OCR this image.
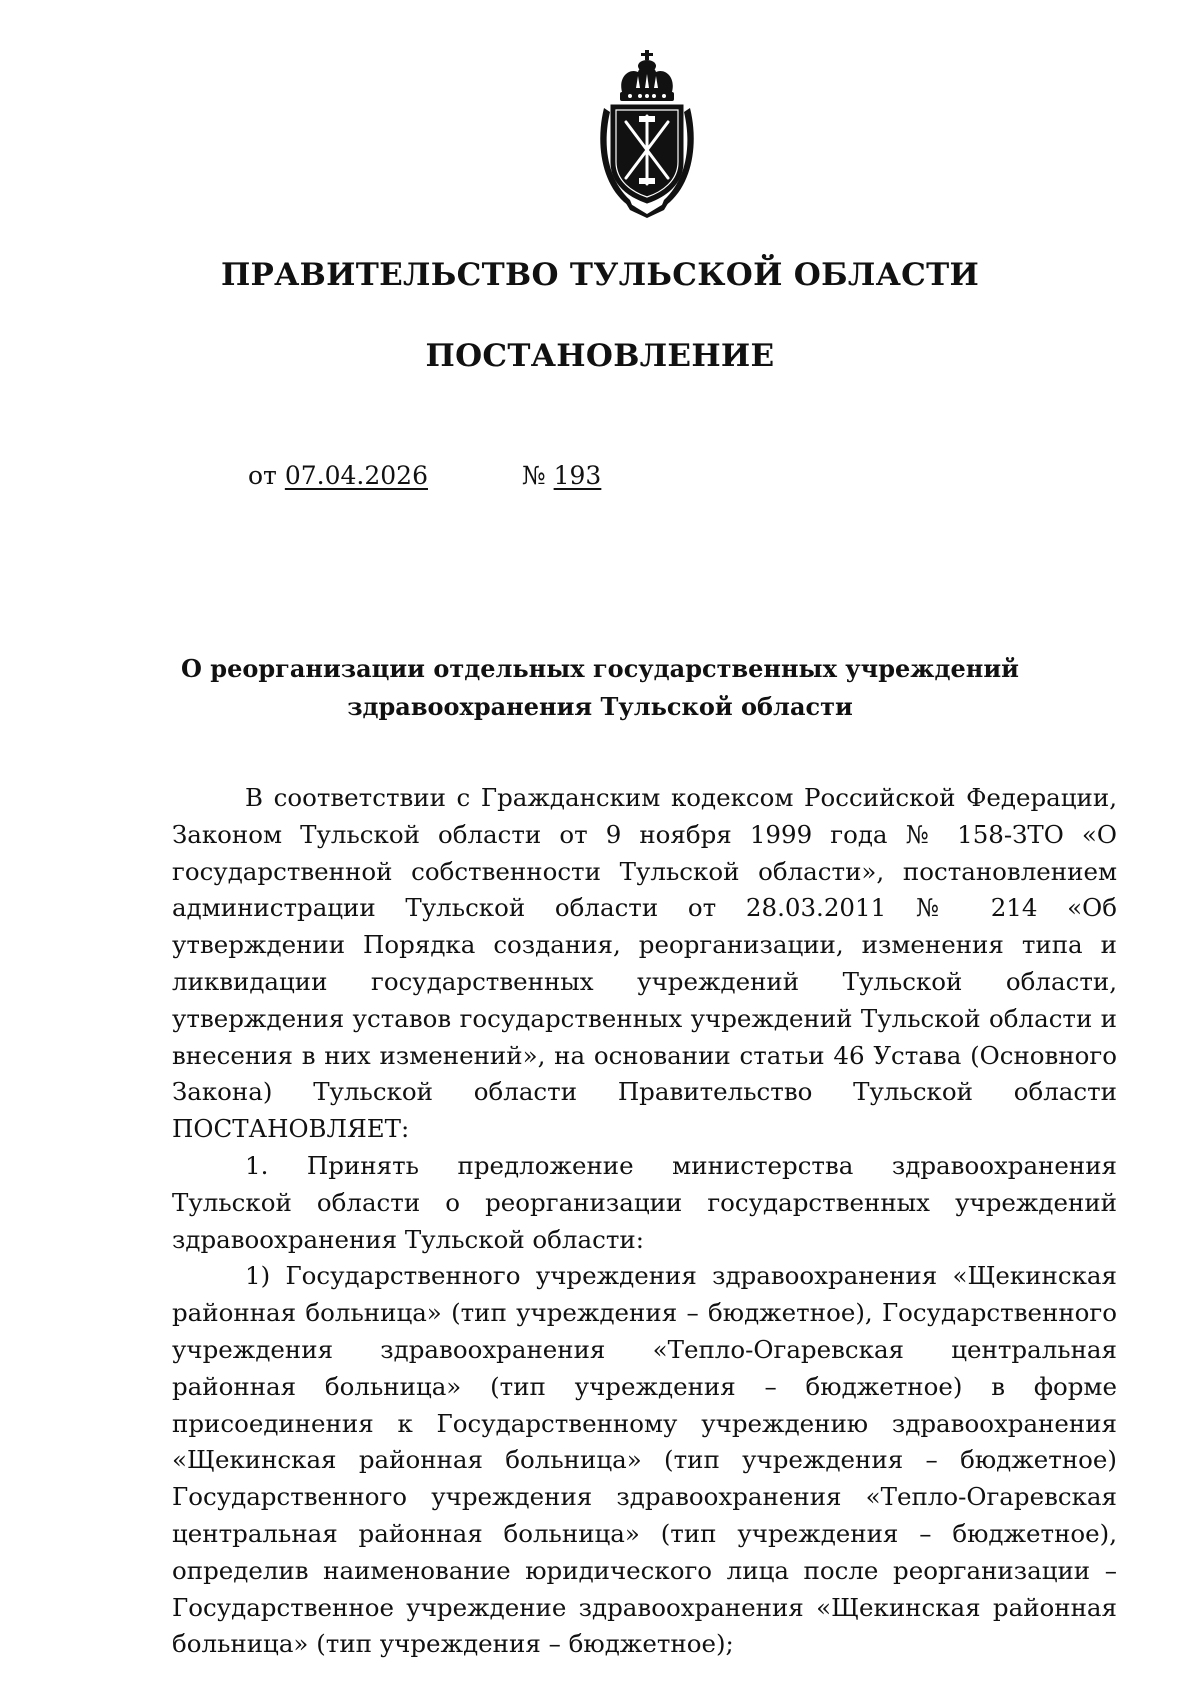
ПРАВИТЕЛЬСТВО ТУЛЬСКОЙ ОБЛАСТИ
ПОСТАНОВЛЕНИЕ
от 07.04.2026	№ 193
О реорганизации отдельных государственных учреждений
здравоохранения Тульской области

В соответствии с Гражданским кодексом Российской Федерации, Законом Тульской области от 9 ноября 1999 года № 158-ЗТО «О государственной собственности Тульской области», постановлением администрации Тульской области от 28.03.2011 № 214 «Об утверждении Порядка создания, реорганизации, изменения типа и ликвидации государственных учреждений Тульской области, утверждения уставов государственных учреждений Тульской области и внесения в них изменений», на основании статьи 46 Устава (Основного Закона) Тульской области Правительство Тульской области ПОСТАНОВЛЯЕТ:

1. Принять предложение министерства здравоохранения Тульской области о реорганизации государственных учреждений здравоохранения Тульской области:

1) Государственного учреждения здравоохранения «Щекинская районная больница» (тип учреждения – бюджетное), Государственного учреждения здравоохранения «Тепло-Огаревская центральная районная больница» (тип учреждения – бюджетное) в форме присоединения к Государственному учреждению здравоохранения «Щекинская районная больница» (тип учреждения – бюджетное) Государственного учреждения здравоохранения «Тепло-Огаревская центральная районная больница» (тип учреждения – бюджетное), определив наименование юридического лица после реорганизации – Государственное учреждение здравоохранения «Щекинская районная больница» (тип учреждения – бюджетное);
